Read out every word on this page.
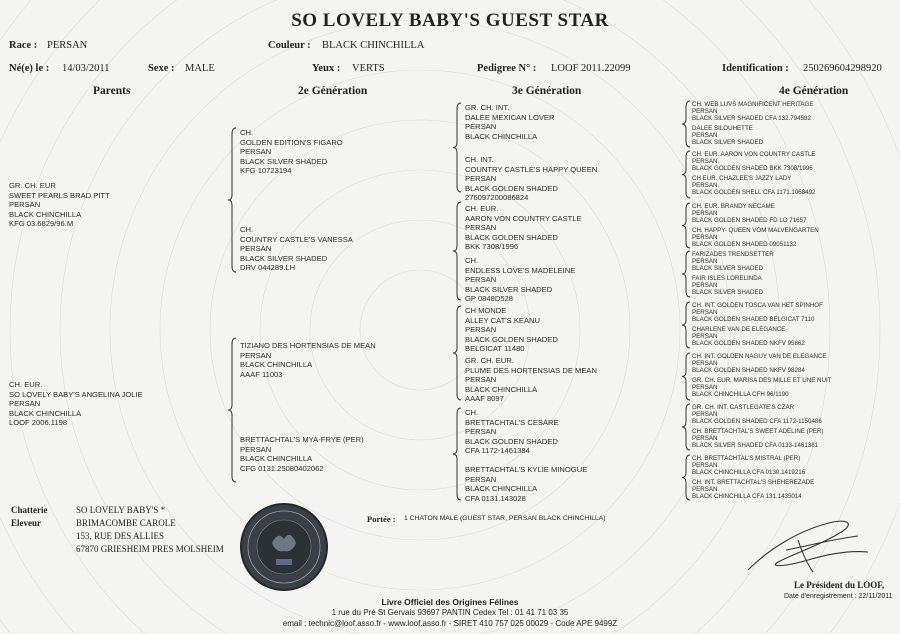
SO LOVELY BABY'S GUEST STAR
Race : PERSAN	Couleur : BLACK CHINCHILLA
Né(e) le : 14/03/2011	Sexe : MALE	Yeux : VERTS	Pedigree N° : LOOF 2011.22099	Identification : 250269604298920
Parents	2e Génération	3e Génération	4e Génération
GR. CH. EUR
SWEET PEARLS BRAD PITT
PERSAN
BLACK CHINCHILLA
KFG 03.6829/96.M
CH. EUR.
SO LOVELY BABY'S ANGELINA JOLIE
PERSAN
BLACK CHINCHILLA
LOOF 2006.1198
CH.
GOLDEN EDITION'S FIGARO
PERSAN
BLACK SILVER SHADED
KFG 10723194
CH.
COUNTRY CASTLE'S VANESSA
PERSAN
BLACK SILVER SHADED
DRV 044289.LH
TIZIANO DES HORTENSIAS DE MEAN
PERSAN
BLACK CHINCHILLA
AAAF 11003
BRETTACHTAL'S MYA-FRYE (PER)
PERSAN
BLACK CHINCHILLA
CFG 0131.25080402062
GR. CH. INT.
DALEE MEXICAN LOVER
PERSAN
BLACK CHINCHILLA
CH. INT.
COUNTRY CASTLE'S HAPPY QUEEN
PERSAN
BLACK GOLDEN SHADED
276097200086824
CH. EUR.
AARON VON COUNTRY CASTLE
PERSAN
BLACK GOLDEN SHADED
BKK 7308/1996
CH.
ENDLESS LOVE'S MADELEINE
PERSAN
BLACK SILVER SHADED
GP 0848D528
CH MONDE
ALLEY CAT'S KEANU
PERSAN
BLACK GOLDEN SHADED
BELGICAT 11480
GR. CH. EUR.
PLUME DES HORTENSIAS DE MEAN
PERSAN
BLACK CHINCHILLA
AAAF 8097
CH.
BRETTACHTAL'S CESARE
PERSAN
BLACK GOLDEN SHADED
CFA 1172-1461384
BRETTACHTAL'S KYLIE MINOGUE
PERSAN
BLACK CHINCHILLA
CFA 0131.143028
CH. WEB LUVS MAGNIFICENT HERITAGE
PERSAN
BLACK SILVER SHADED CFA 132.794582
DALEE SILOUHETTE
PERSAN
BLACK SILVER SHADED
CH. EUR. AARON VON COUNTRY CASTLE
PERSAN
BLACK GOLDEN SHADED BKK 7308/1996
CH EUR. CHAZLEE'S JAZZY LADY
PERSAN
BLACK GOLDEN SHELL CFA 1171.1068492
CH. EUR. BRANDY NECAME
PERSAN
BLACK GOLDEN SHADED FD LO 71657
CH. HAPPY- QUEEN VOM MALVENGARTEN
PERSAN
BLACK GOLDEN SHADED 09051132
FARIZADES TRENDSETTER
PERSAN
BLACK SILVER SHADED
FAIR ISLES LORELINDA
PERSAN
BLACK SILVER SHADED
CH. INT. GOLDEN TOSCA VAN HET SPINHOF
PERSAN
BLACK GOLDEN SHADED BELGICAT 7110
CHARLENE VAN DE ELEGANCE
PERSAN
BLACK GOLDEN SHADED NKFV 95862
CH. INT. GOLDEN NAGUY VAN DE ELEGANCE
PERSAN
BLACK GOLDEN SHADED NKFV 98284
GR. CH. EUR. MARISA DES MILLE ET UNE NUIT
PERSAN
BLACK CHINCHILLA CFH 96/1190
GR. CH. INT. CASTLEGATE'S CZAR
PERSAN
BLACK GOLDEN SHADED CFA 1172-1150486
CH. BRETTACHTAL'S SWEET ADELINE (PER)
PERSAN
BLACK SILVER SHADED CFA 0133-1461381
CH. BRETTACHTAL'S MISTRAL (PER)
PERSAN
BLACK CHINCHILLA CFA 0130.1419216
CH. INT. BRETTACHTAL'S SHEHEREZADE
PERSAN
BLACK CHINCHILLA CFA 131.1435014
Chatterie	SO LOVELY BABY'S *
Eleveur	BRIMACOMBE CAROLE
153, RUE DES ALLIES
67870 GRIESHEIM PRES MOLSHEIM
Portée : 1 CHATON MALE (GUEST STAR, PERSAN BLACK CHINCHILLA)
Le Président du LOOF,
Date d'enregistrement : 22/11/2011
Livre Officiel des Origines Félines
1 rue du Pré St Gervais 93697 PANTIN Cedex Tel : 01 41 71 03 35
email : technic@loof.asso.fr - www.loof.asso.fr - SIRET 410 757 025 00029 - Code APE 9499Z
